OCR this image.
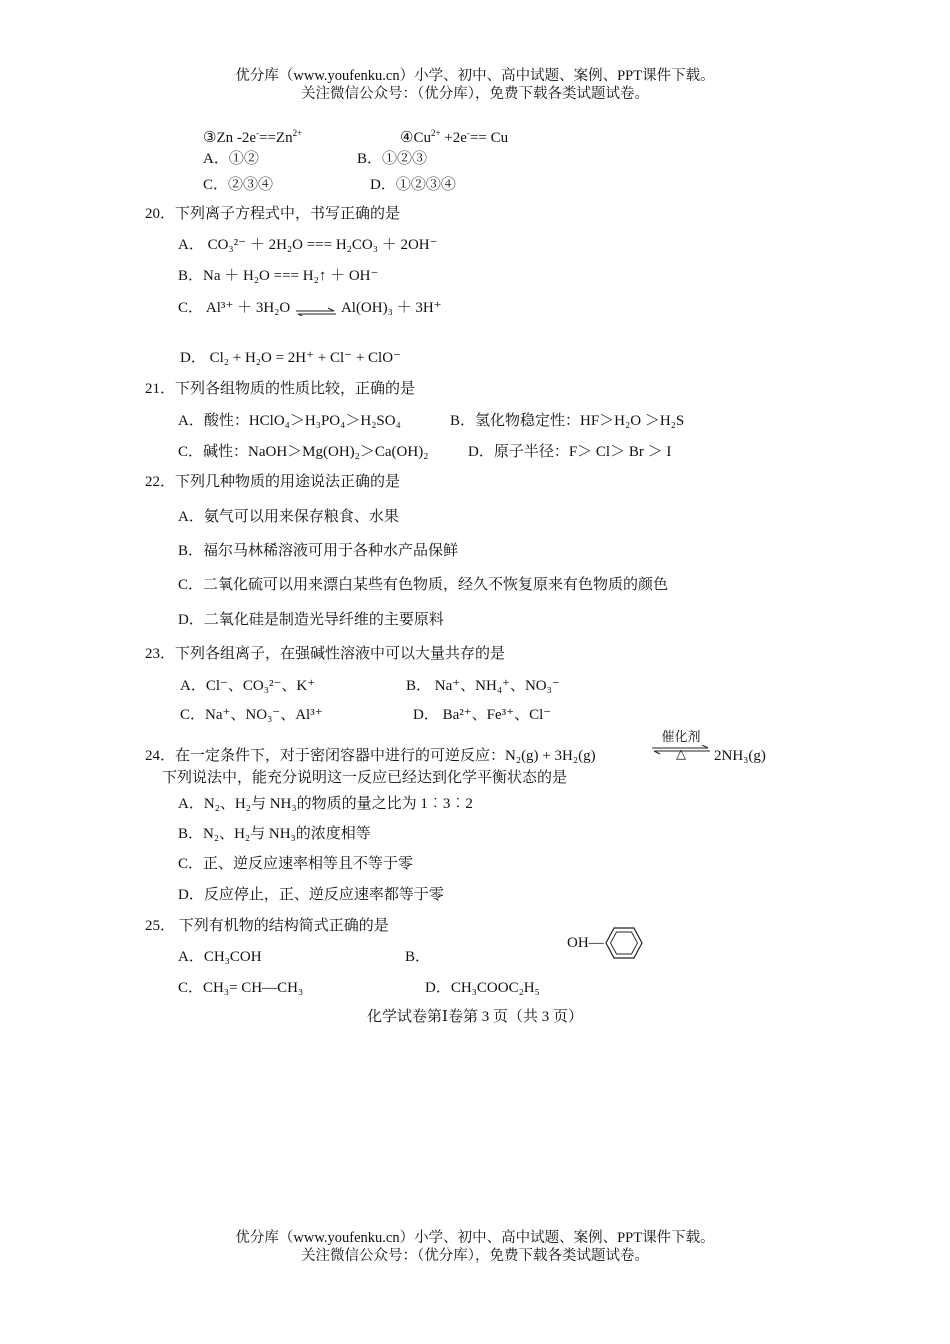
优分库（www.youfenku.cn）小学、初中、高中试题、案例、PPT课件下载。
关注微信公众号：（优分库），免费下载各类试题试卷。
③Zn $-2e^-==Zn^{2+}$	$④Cu^{2+} +2e^-== Cu$
A．①②	B．①②③
C．②③④	D．①②③④
20．下列离子方程式中，书写正确的是
A． CO₃²⁻ ＋ 2H₂O === H₂CO₃ ＋ 2OH⁻
B．Na ＋ H₂O === H₂↑ ＋ OH⁻
C． Al³⁺ ＋ 3H₂O ⇌ Al(OH)₃ ＋ 3H⁺
D． Cl₂ + H₂O = 2H⁺ + Cl⁻ + ClO⁻
21．下列各组物质的性质比较，正确的是
A．酸性：HClO₄＞H₃PO₄＞H₂SO₄	B．氢化物稳定性：HF＞H₂O ＞H₂S
C．碱性：NaOH＞Mg(OH)₂＞Ca(OH)₂	D．原子半径：F＞ Cl＞ Br ＞ I
22．下列几种物质的用途说法正确的是
A．氨气可以用来保存粮食、水果
B．福尔马林稀溶液可用于各种水产品保鲜
C．二氧化硫可以用来漂白某些有色物质，经久不恢复原来有色物质的颜色
D．二氧化硅是制造光导纤维的主要原料
23．下列各组离子，在强碱性溶液中可以大量共存的是
A．Cl⁻、CO₃²⁻、K⁺	B． Na⁺、NH₄⁺、NO₃⁻
C．Na⁺、NO₃⁻、Al³⁺	D． Ba²⁺、Fe³⁺、Cl⁻
24．在一定条件下，对于密闭容器中进行的可逆反应：N₂(g) + 3H₂(g)
催化剂
△	2NH₃(g)
下列说法中，能充分说明这一反应已经达到化学平衡状态的是
A．N₂、H₂与 NH₃的物质的量之比为 1︰3︰2
B．N₂、H₂与 NH₃的浓度相等
C．正、逆反应速率相等且不等于零
D．反应停止，正、逆反应速率都等于零
25． 下列有机物的结构简式正确的是
A．CH₃COH	B．
OH—
C．CH₃= CH—CH₃	D．CH₃COOC₂H₅
化学试卷第Ⅰ卷第 3 页（共 3 页）
优分库（www.youfenku.cn）小学、初中、高中试题、案例、PPT课件下载。
关注微信公众号：（优分库），免费下载各类试题试卷。
